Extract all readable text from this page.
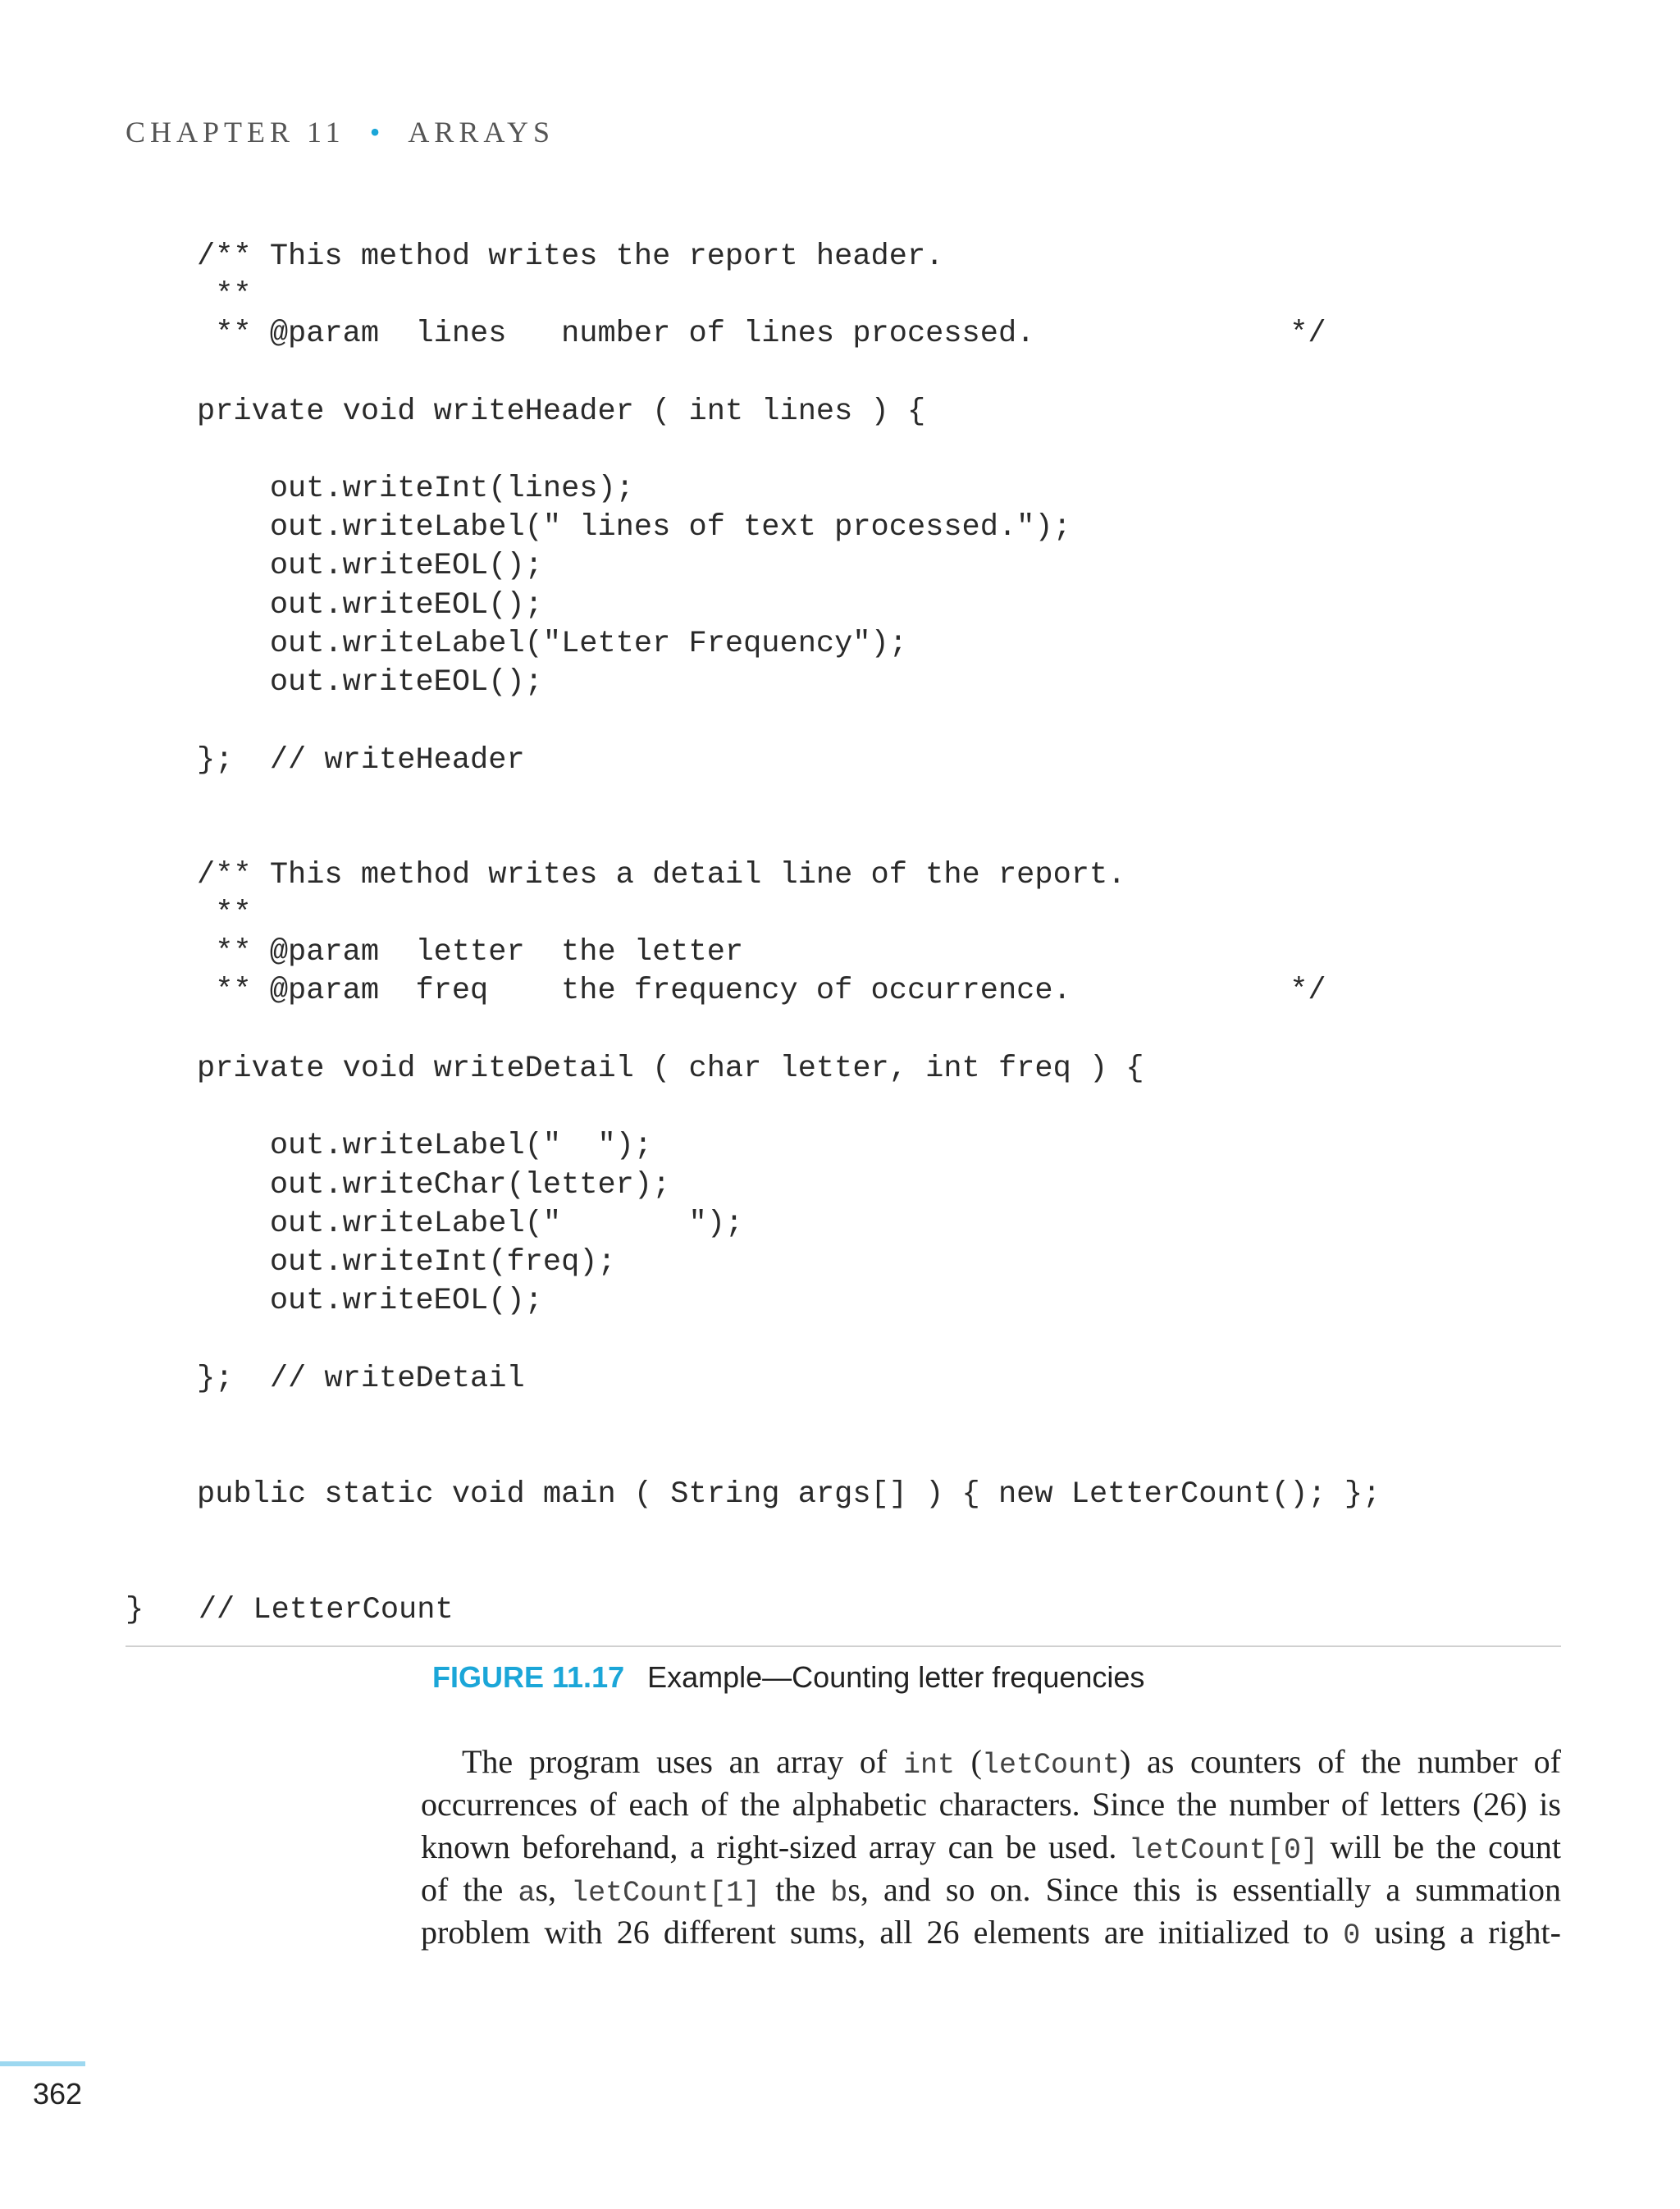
CHAPTER 11 • ARRAYS
/** This method writes the report header.
**
** @param  lines   number of lines processed.              */
private void writeHeader ( int lines ) {
out.writeInt(lines);
out.writeLabel(" lines of text processed.");
out.writeEOL();
out.writeEOL();
out.writeLabel("Letter Frequency");
out.writeEOL();
};  // writeHeader
/** This method writes a detail line of the report.
**
** @param  letter  the letter
** @param  freq    the frequency of occurrence.            */
private void writeDetail ( char letter, int freq ) {
out.writeLabel("  ");
out.writeChar(letter);
out.writeLabel("       ");
out.writeInt(freq);
out.writeEOL();
};  // writeDetail
public static void main ( String args[] ) { new LetterCount(); };
}   // LetterCount
FIGURE 11.17 Example—Counting letter frequencies
The program uses an array of int (letCount) as counters of the number of
occurrences of each of the alphabetic characters. Since the number of letters (26) is
known beforehand, a right-sized array can be used. letCount[0] will be the count
of the as, letCount[1] the bs, and so on. Since this is essentially a summation
problem with 26 different sums, all 26 elements are initialized to 0 using a right-
362
